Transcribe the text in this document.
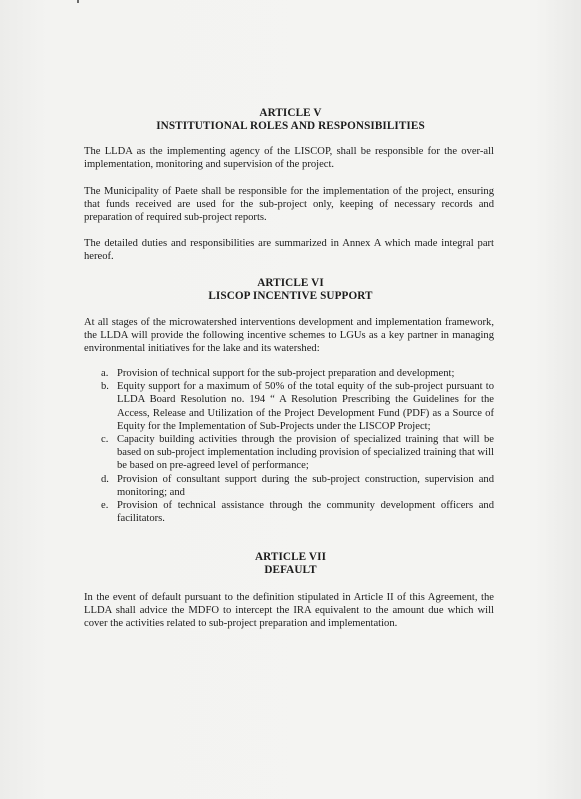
ARTICLE V
INSTITUTIONAL ROLES AND RESPONSIBILITIES
The LLDA as the implementing agency of the LISCOP, shall be responsible for the over-all implementation, monitoring and supervision of the project.
The Municipality of Paete shall be responsible for the implementation of the project, ensuring that funds received are used for the sub-project only, keeping of necessary records and preparation of required sub-project reports.
The detailed duties and responsibilities are summarized in Annex A which made integral part hereof.
ARTICLE VI
LISCOP INCENTIVE SUPPORT
At all stages of the microwatershed interventions development and implementation framework, the LLDA will provide the following incentive schemes to LGUs as a key partner in managing environmental initiatives for the lake and its watershed:
a. Provision of technical support for the sub-project preparation and development;
b. Equity support for a maximum of 50% of the total equity of the sub-project pursuant to LLDA Board Resolution no. 194 “ A Resolution Prescribing the Guidelines for the Access, Release and Utilization of the Project Development Fund (PDF) as a Source of Equity for the Implementation of Sub-Projects under the LISCOP Project;
c. Capacity building activities through the provision of specialized training that will be based on sub-project implementation including provision of specialized training that will be based on pre-agreed level of performance;
d. Provision of consultant support during the sub-project construction, supervision and monitoring; and
e. Provision of technical assistance through the community development officers and facilitators.
ARTICLE VII
DEFAULT
In the event of default pursuant to the definition stipulated in Article II of this Agreement, the LLDA shall advice the MDFO to intercept the IRA equivalent to the amount due which will cover the activities related to sub-project preparation and implementation.
